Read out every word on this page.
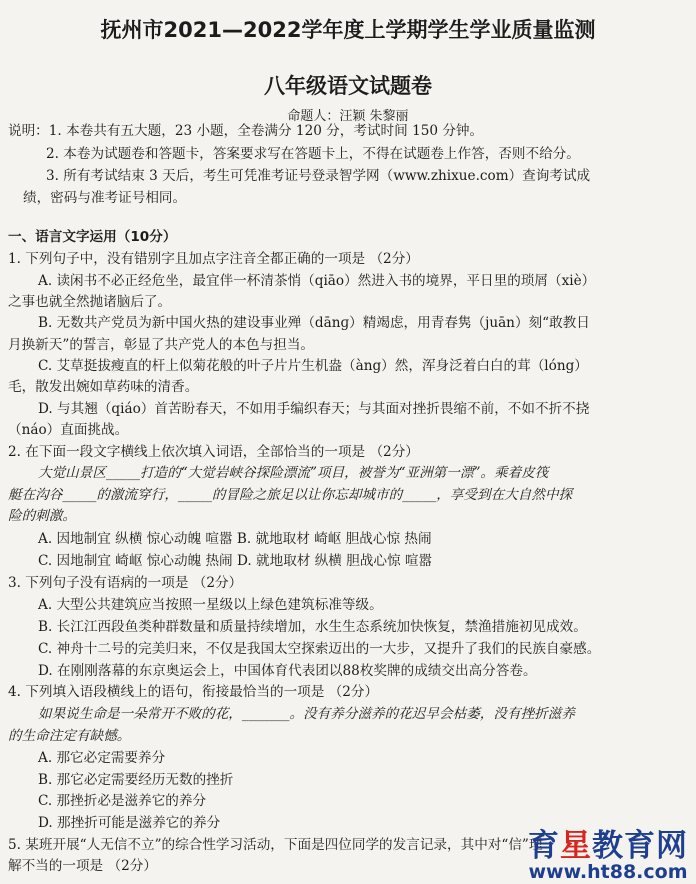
抚州市2021—2022学年度上学期学生学业质量监测
八年级语文试题卷
命题人：汪颖 朱黎丽
说明：1. 本卷共有五大题，23 小题，全卷满分 120 分，考试时间 150 分钟。
2. 本卷为试题卷和答题卡，答案要求写在答题卡上，不得在试题卷上作答，否则不给分。
3. 所有考试结束 3 天后，考生可凭准考证号登录智学网（www.zhixue.com）查询考试成
绩，密码与准考证号相同。
一、语言文字运用（10分）
1. 下列句子中，没有错别字且加点字注音全都正确的一项是 （2分）
A. 读闲书不必正经危坐，最宜伴一杯清茶悄（qiāo）然进入书的境界，平日里的琐屑（xiè）
之事也就全然抛诸脑后了。
B. 无数共产党员为新中国火热的建设事业殚（dānɡ）精竭虑，用青春隽（juān）刻“敢教日
月换新天”的誓言，彰显了共产党人的本色与担当。
C. 艾草挺拔瘦直的杆上似菊花般的叶子片片生机盎（àng）然，浑身泛着白白的茸（lóng）
毛，散发出婉如草药味的清香。
D. 与其翘（qiáo）首苦盼春天，不如用手编织春天；与其面对挫折畏缩不前，不如不折不挠
（náo）直面挑战。
2. 在下面一段文字横线上依次填入词语，全部恰当的一项是 （2分）
大觉山景区_____打造的“大觉岩峡谷探险漂流”项目，被誉为“亚洲第一漂”。乘着皮筏
艇在沟谷_____的激流穿行，_____的冒险之旅足以让你忘却城市的_____，享受到在大自然中探
险的刺激。
A. 因地制宜 纵横 惊心动魄 喧嚣 B. 就地取材 崎岖 胆战心惊 热闹
C. 因地制宜 崎岖 惊心动魄 热闹 D. 就地取材 纵横 胆战心惊 喧嚣
3. 下列句子没有语病的一项是 （2分）
A. 大型公共建筑应当按照一星级以上绿色建筑标准等级。
B. 长江江西段鱼类种群数量和质量持续增加，水生生态系统加快恢复，禁渔措施初见成效。
C. 神舟十二号的完美归来，不仅是我国太空探索迈出的一大步，又提升了我们的民族自豪感。
D. 在刚刚落幕的东京奥运会上，中国体育代表团以88枚奖牌的成绩交出高分答卷。
4. 下列填入语段横线上的语句，衔接最恰当的一项是 （2分）
如果说生命是一朵常开不败的花，_______。没有养分滋养的花迟早会枯萎，没有挫折滋养
的生命注定有缺憾。
A. 那它必定需要养分
B. 那它必定需要经历无数的挫折
C. 那挫折必是滋养它的养分
D. 那挫折可能是滋养它的养分
5. 某班开展“人无信不立”的综合性学习活动，下面是四位同学的发言记录，其中对“信”理
解不当的一项是 （2分）
育星教育网
www.ht88.com
